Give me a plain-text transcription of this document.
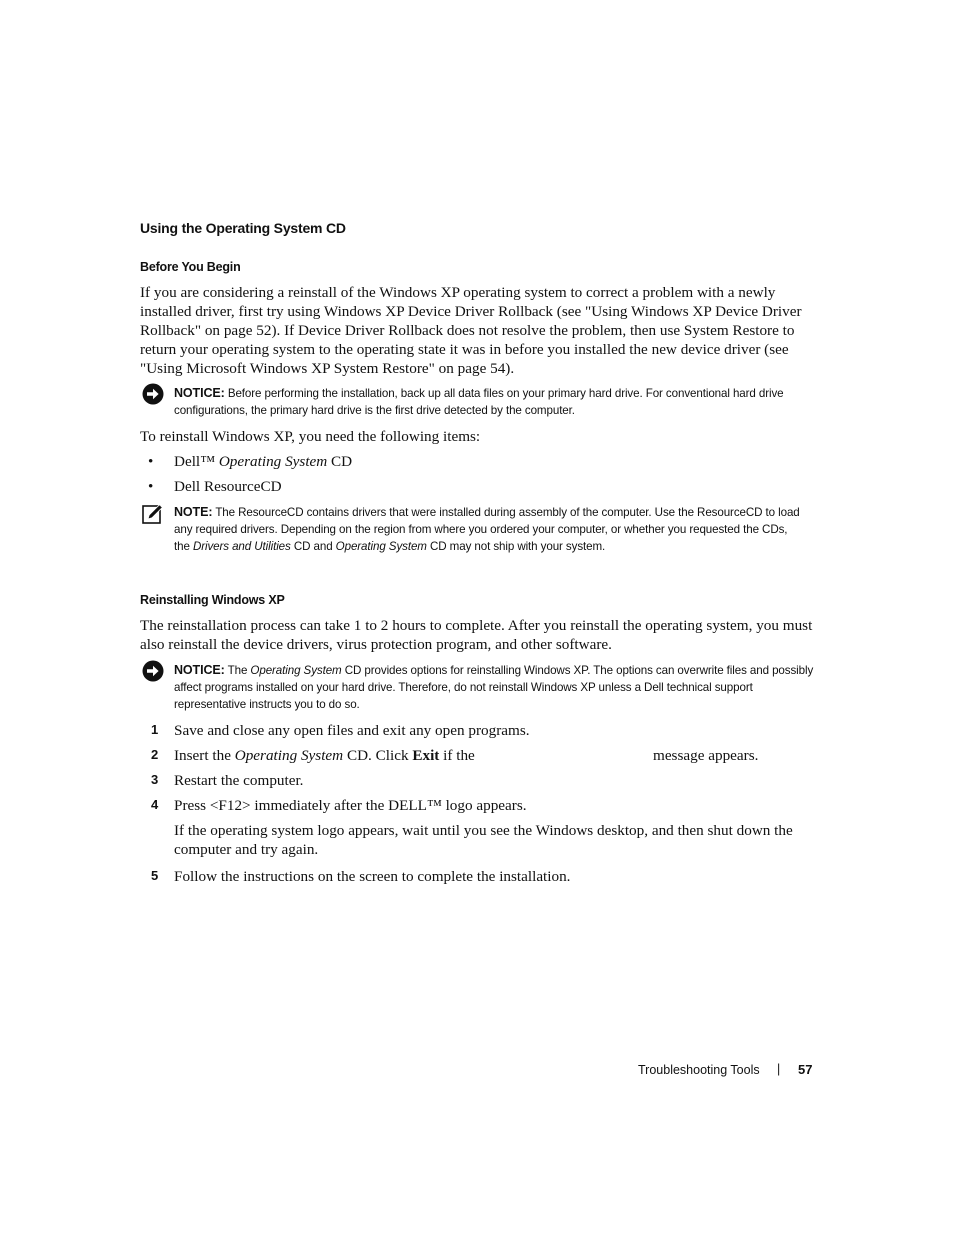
Using the Operating System CD
Before You Begin
If you are considering a reinstall of the Windows XP operating system to correct a problem with a newly installed driver, first try using Windows XP Device Driver Rollback (see "Using Windows XP Device Driver Rollback" on page 52). If Device Driver Rollback does not resolve the problem, then use System Restore to return your operating system to the operating state it was in before you installed the new device driver (see "Using Microsoft Windows XP System Restore" on page 54).
NOTICE: Before performing the installation, back up all data files on your primary hard drive. For conventional hard drive configurations, the primary hard drive is the first drive detected by the computer.
To reinstall Windows XP, you need the following items:
• Dell™ Operating System CD
• Dell ResourceCD
NOTE: The ResourceCD contains drivers that were installed during assembly of the computer. Use the ResourceCD to load any required drivers. Depending on the region from where you ordered your computer, or whether you requested the CDs, the Drivers and Utilities CD and Operating System CD may not ship with your system.
Reinstalling Windows XP
The reinstallation process can take 1 to 2 hours to complete. After you reinstall the operating system, you must also reinstall the device drivers, virus protection program, and other software.
NOTICE: The Operating System CD provides options for reinstalling Windows XP. The options can overwrite files and possibly affect programs installed on your hard drive. Therefore, do not reinstall Windows XP unless a Dell technical support representative instructs you to do so.
1 Save and close any open files and exit any open programs.
2 Insert the Operating System CD. Click Exit if the	message appears.
3 Restart the computer.
4 Press <F12> immediately after the DELL™ logo appears.
If the operating system logo appears, wait until you see the Windows desktop, and then shut down the computer and try again.
5 Follow the instructions on the screen to complete the installation.
Troubleshooting Tools | 57
